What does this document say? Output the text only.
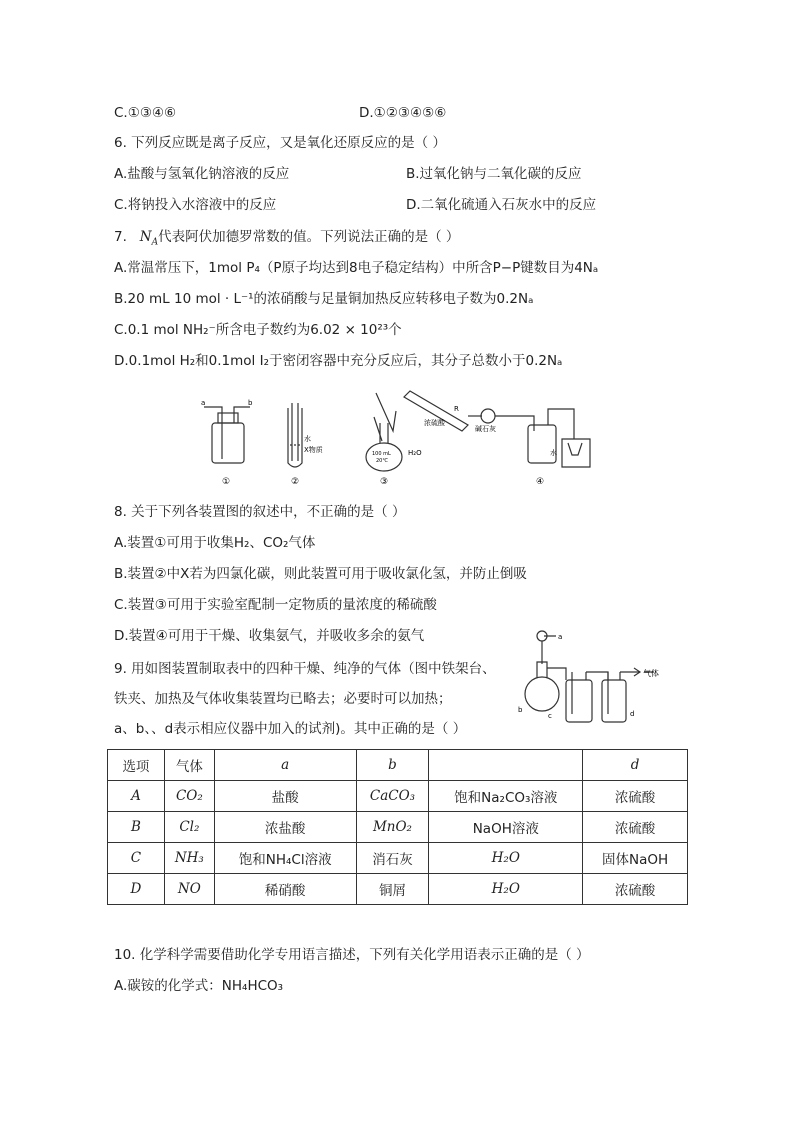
C.①③④⑥	D.①②③④⑤⑥
6. 下列反应既是离子反应，又是氧化还原反应的是（ ）
A.盐酸与氢氧化钠溶液的反应	B.过氧化钠与二氧化碳的反应
C.将钠投入水溶液中的反应	D.二氧化硫通入石灰水中的反应
7. $N_A$代表阿伏加德罗常数的值。下列说法正确的是（ ）
A.常温常压下，1mol P₄（P原子均达到8电子稳定结构）中所含P−P键数目为4Nₐ
B.20 mL 10 mol · L⁻¹的浓硝酸与足量铜加热反应转移电子数为0.2Nₐ
C.0.1 mol NH₂⁻所含电子数约为6.02 × 10²³个
D.0.1mol H₂和0.1mol I₂于密闭容器中充分反应后，其分子总数小于0.2Nₐ
a	b
水
X物质	100 mL
20℃
H₂O
浓硫酸
R
碱石灰
水
①	②	③	④
8. 关于下列各装置图的叙述中，不正确的是（ ）
A.装置①可用于收集H₂、CO₂气体
B.装置②中X若为四氯化碳，则此装置可用于吸收氯化氢，并防止倒吸
C.装置③可用于实验室配制一定物质的量浓度的稀硫酸
D.装置④可用于干燥、收集氨气，并吸收多余的氨气
9. 用如图装置制取表中的四种干燥、纯净的气体（图中铁架台、
铁夹、加热及气体收集装置均已略去；必要时可以加热；
a、b、、d表示相应仪器中加入的试剂)。其中正确的是（ ）
a
b
c	d
气体
选项	气体	a	b		d
A	CO₂	盐酸	CaCO₃	饱和Na₂CO₃溶液	浓硫酸
B	Cl₂	浓盐酸	MnO₂	NaOH溶液	浓硫酸
C	NH₃	饱和NH₄Cl溶液	消石灰	H₂O	固体NaOH
D	NO	稀硝酸	铜屑	H₂O	浓硫酸
10. 化学科学需要借助化学专用语言描述，下列有关化学用语表示正确的是（ ）
A.碳铵的化学式：NH₄HCO₃
